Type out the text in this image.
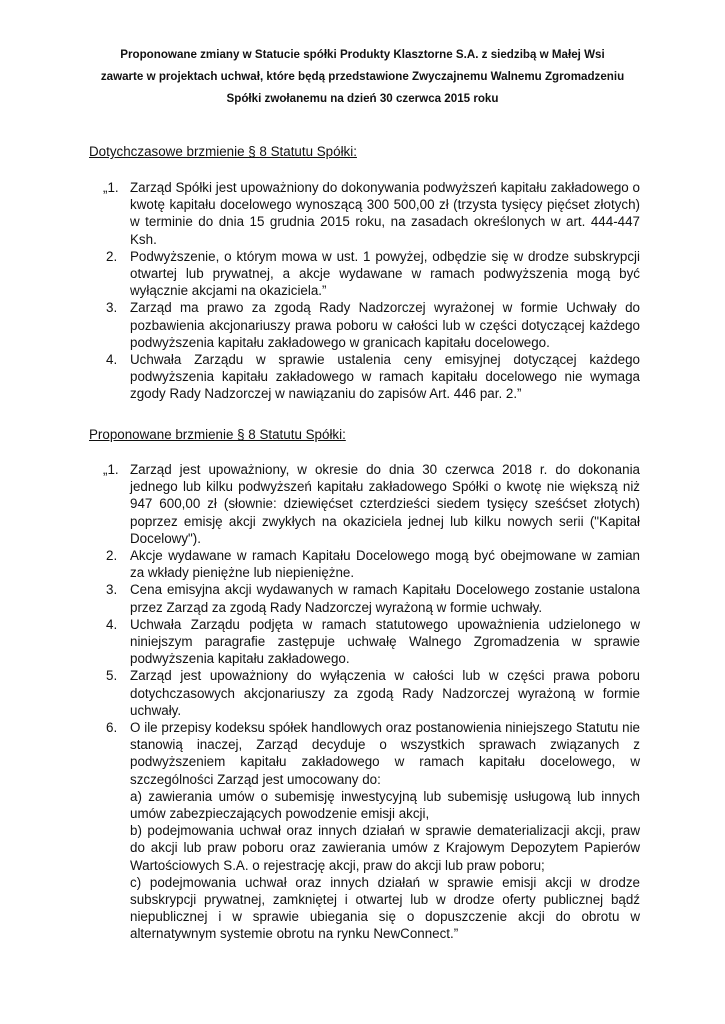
Proponowane zmiany w Statucie spółki Produkty Klasztorne S.A. z siedzibą w Małej Wsi
zawarte w projektach uchwał, które będą przedstawione Zwyczajnemu Walnemu Zgromadzeniu
Spółki zwołanemu na dzień 30 czerwca 2015 roku
Dotychczasowe brzmienie § 8 Statutu Spółki:
„1. Zarząd Spółki jest upoważniony do dokonywania podwyższeń kapitału zakładowego o kwotę kapitału docelowego wynoszącą 300 500,00 zł (trzysta tysięcy pięćset złotych) w terminie do dnia 15 grudnia 2015 roku, na zasadach określonych w art. 444-447 Ksh.
2. Podwyższenie, o którym mowa w ust. 1 powyżej, odbędzie się w drodze subskrypcji otwartej lub prywatnej, a akcje wydawane w ramach podwyższenia mogą być wyłącznie akcjami na okaziciela.”
3. Zarząd ma prawo za zgodą Rady Nadzorczej wyrażonej w formie Uchwały do pozbawienia akcjonariuszy prawa poboru w całości lub w części dotyczącej każdego podwyższenia kapitału zakładowego w granicach kapitału docelowego.
4. Uchwała Zarządu w sprawie ustalenia ceny emisyjnej dotyczącej każdego podwyższenia kapitału zakładowego w ramach kapitału docelowego nie wymaga zgody Rady Nadzorczej w nawiązaniu do zapisów Art. 446 par. 2.”
Proponowane brzmienie § 8 Statutu Spółki:
„1. Zarząd jest upoważniony, w okresie do dnia 30 czerwca 2018 r. do dokonania jednego lub kilku podwyższeń kapitału zakładowego Spółki o kwotę nie większą niż 947 600,00 zł (słownie: dziewięćset czterdzieści siedem tysięcy sześćset złotych) poprzez emisję akcji zwykłych na okaziciela jednej lub kilku nowych serii ("Kapitał Docelowy").
2. Akcje wydawane w ramach Kapitału Docelowego mogą być obejmowane w zamian za wkłady pieniężne lub niepieniężne.
3. Cena emisyjna akcji wydawanych w ramach Kapitału Docelowego zostanie ustalona przez Zarząd za zgodą Rady Nadzorczej wyrażoną w formie uchwały.
4. Uchwała Zarządu podjęta w ramach statutowego upoważnienia udzielonego w niniejszym paragrafie zastępuje uchwałę Walnego Zgromadzenia w sprawie podwyższenia kapitału zakładowego.
5. Zarząd jest upoważniony do wyłączenia w całości lub w części prawa poboru dotychczasowych akcjonariuszy za zgodą Rady Nadzorczej wyrażoną w formie uchwały.
6. O ile przepisy kodeksu spółek handlowych oraz postanowienia niniejszego Statutu nie stanowią inaczej, Zarząd decyduje o wszystkich sprawach związanych z podwyższeniem kapitału zakładowego w ramach kapitału docelowego, w szczególności Zarząd jest umocowany do:
a) zawierania umów o subemisję inwestycyjną lub subemisję usługową lub innych umów zabezpieczających powodzenie emisji akcji,
b) podejmowania uchwał oraz innych działań w sprawie dematerializacji akcji, praw do akcji lub praw poboru oraz zawierania umów z Krajowym Depozytem Papierów Wartościowych S.A. o rejestrację akcji, praw do akcji lub praw poboru;
c) podejmowania uchwał oraz innych działań w sprawie emisji akcji w drodze subskrypcji prywatnej, zamkniętej i otwartej lub w drodze oferty publicznej bądź niepublicznej i w sprawie ubiegania się o dopuszczenie akcji do obrotu w alternatywnym systemie obrotu na rynku NewConnect.”
